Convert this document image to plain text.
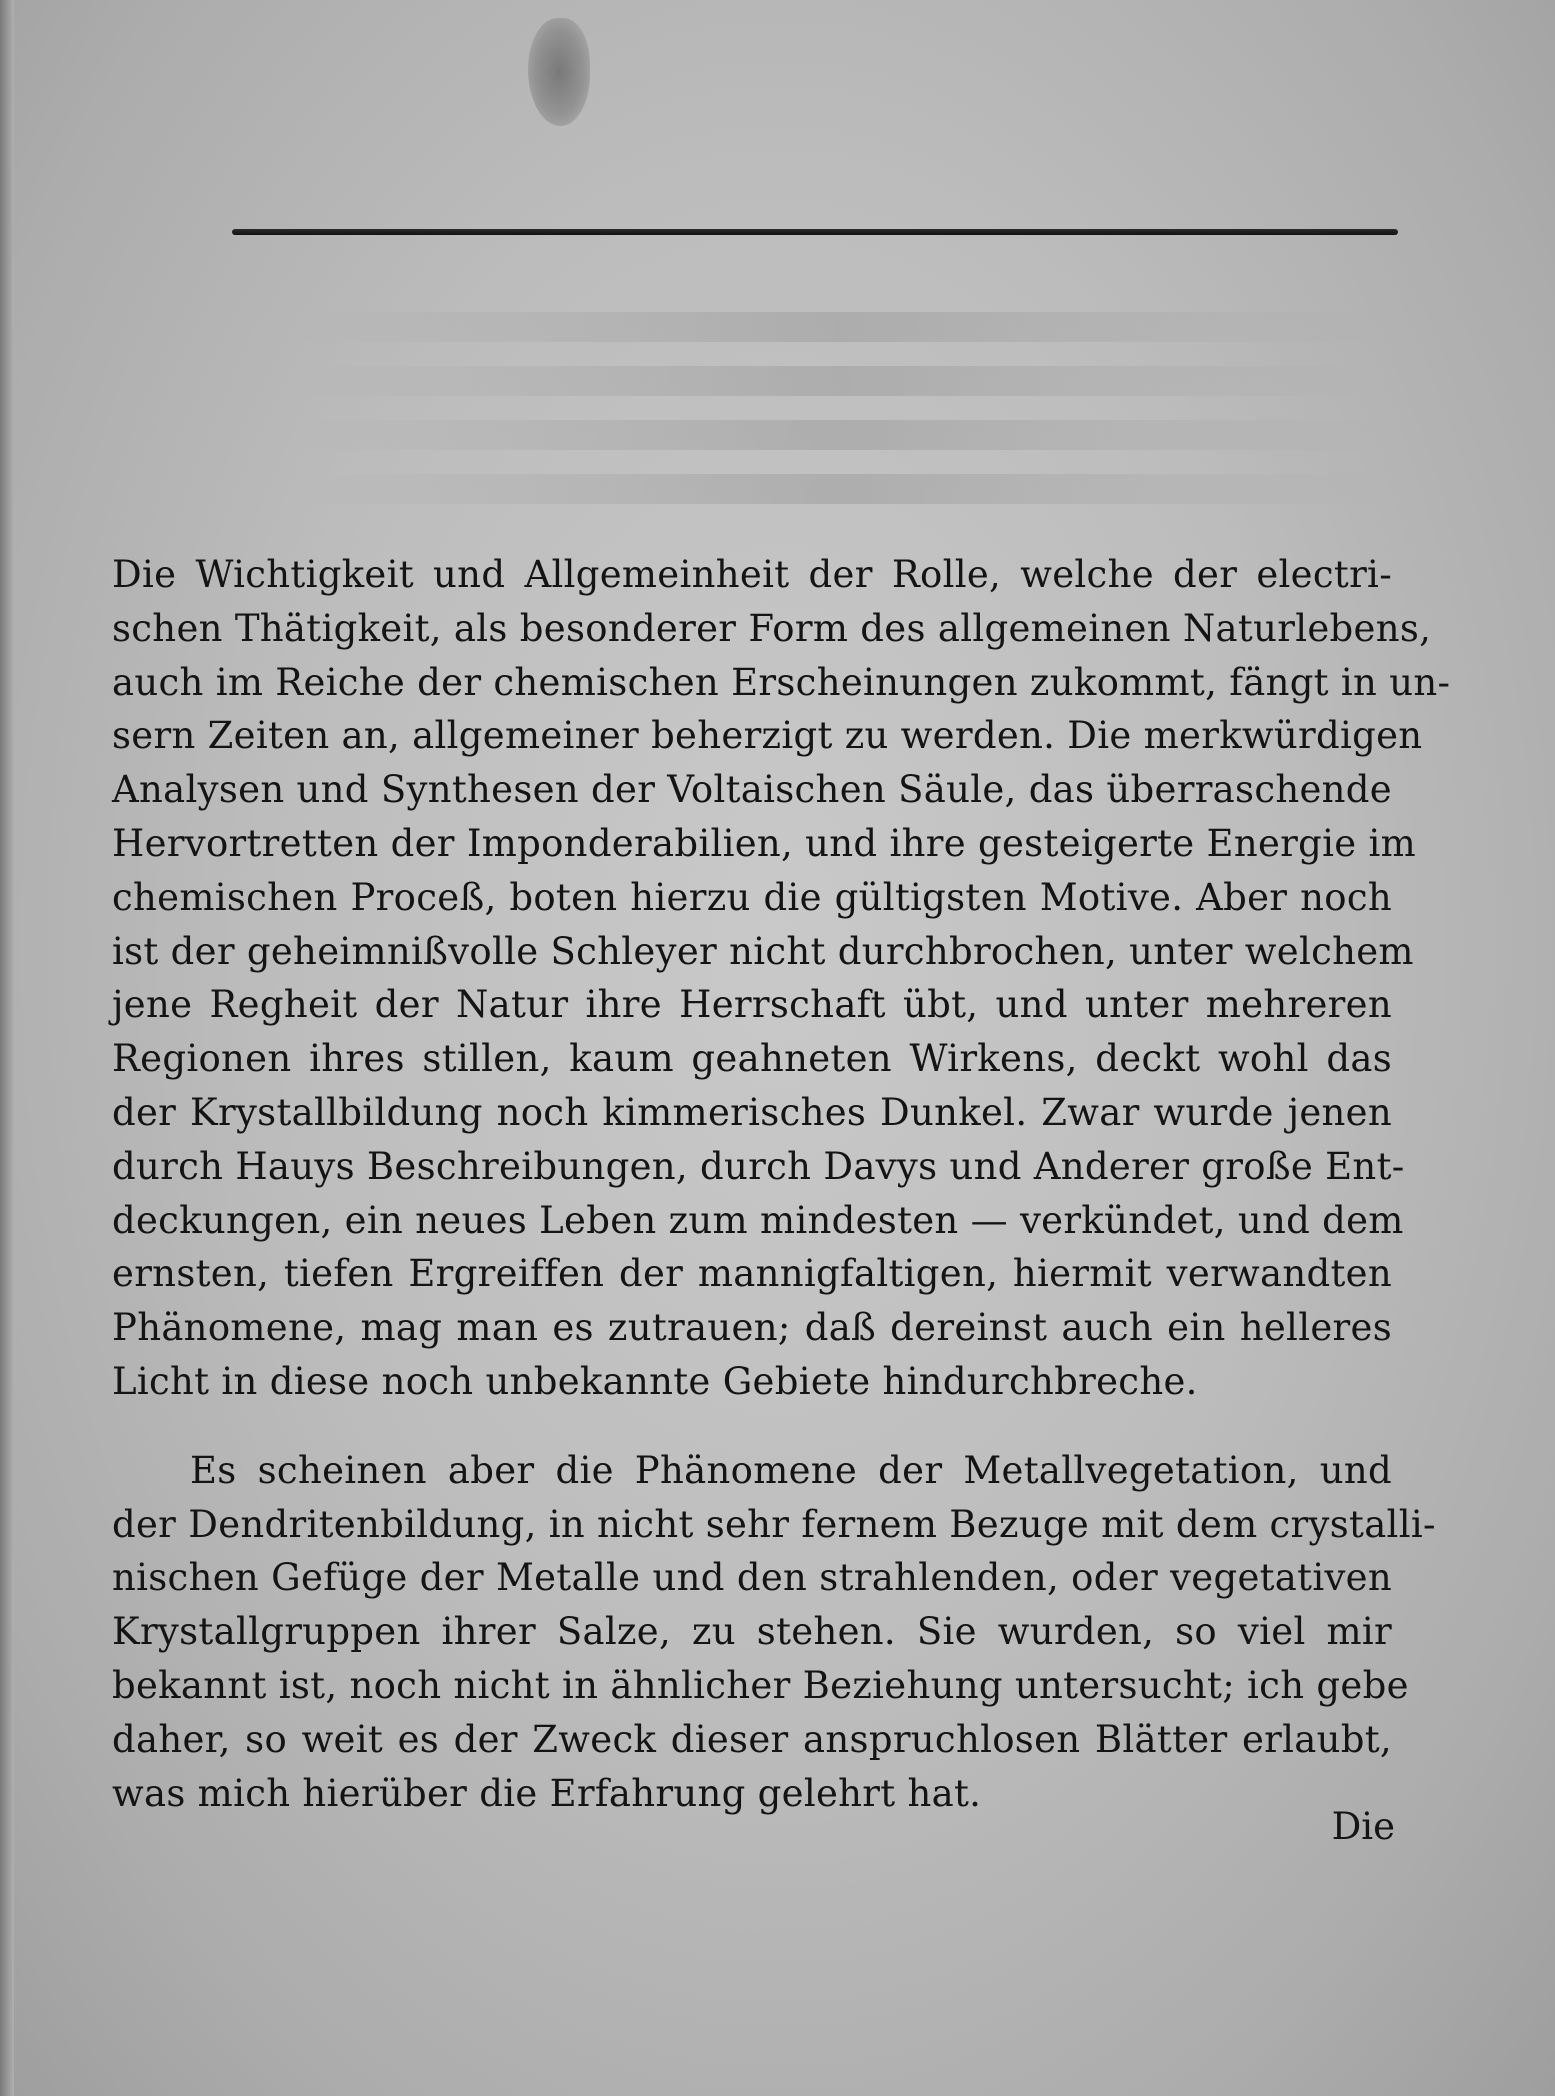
Die Wichtigkeit und Allgemeinheit der Rolle, welche der electri-
schen Thätigkeit, als besonderer Form des allgemeinen Naturlebens,
auch im Reiche der chemischen Erscheinungen zukommt, fängt in un-
sern Zeiten an, allgemeiner beherzigt zu werden. Die merkwürdigen
Analysen und Synthesen der Voltaischen Säule, das überraschende
Hervortretten der Imponderabilien, und ihre gesteigerte Energie im
chemischen Proceß, boten hierzu die gültigsten Motive. Aber noch
ist der geheimnißvolle Schleyer nicht durchbrochen, unter welchem
jene Regheit der Natur ihre Herrschaft übt, und unter mehreren
Regionen ihres stillen, kaum geahneten Wirkens, deckt wohl das
der Krystallbildung noch kimmerisches Dunkel. Zwar wurde jenen
durch Hauys Beschreibungen, durch Davys und Anderer große Ent-
deckungen, ein neues Leben zum mindesten — verkündet, und dem
ernsten, tiefen Ergreiffen der mannigfaltigen, hiermit verwandten
Phänomene, mag man es zutrauen; daß dereinst auch ein helleres
Licht in diese noch unbekannte Gebiete hindurchbreche.
Es scheinen aber die Phänomene der Metallvegetation, und
der Dendritenbildung, in nicht sehr fernem Bezuge mit dem crystalli-
nischen Gefüge der Metalle und den strahlenden, oder vegetativen
Krystallgruppen ihrer Salze, zu stehen. Sie wurden, so viel mir
bekannt ist, noch nicht in ähnlicher Beziehung untersucht; ich gebe
daher, so weit es der Zweck dieser anspruchlosen Blätter erlaubt,
was mich hierüber die Erfahrung gelehrt hat.
Die
